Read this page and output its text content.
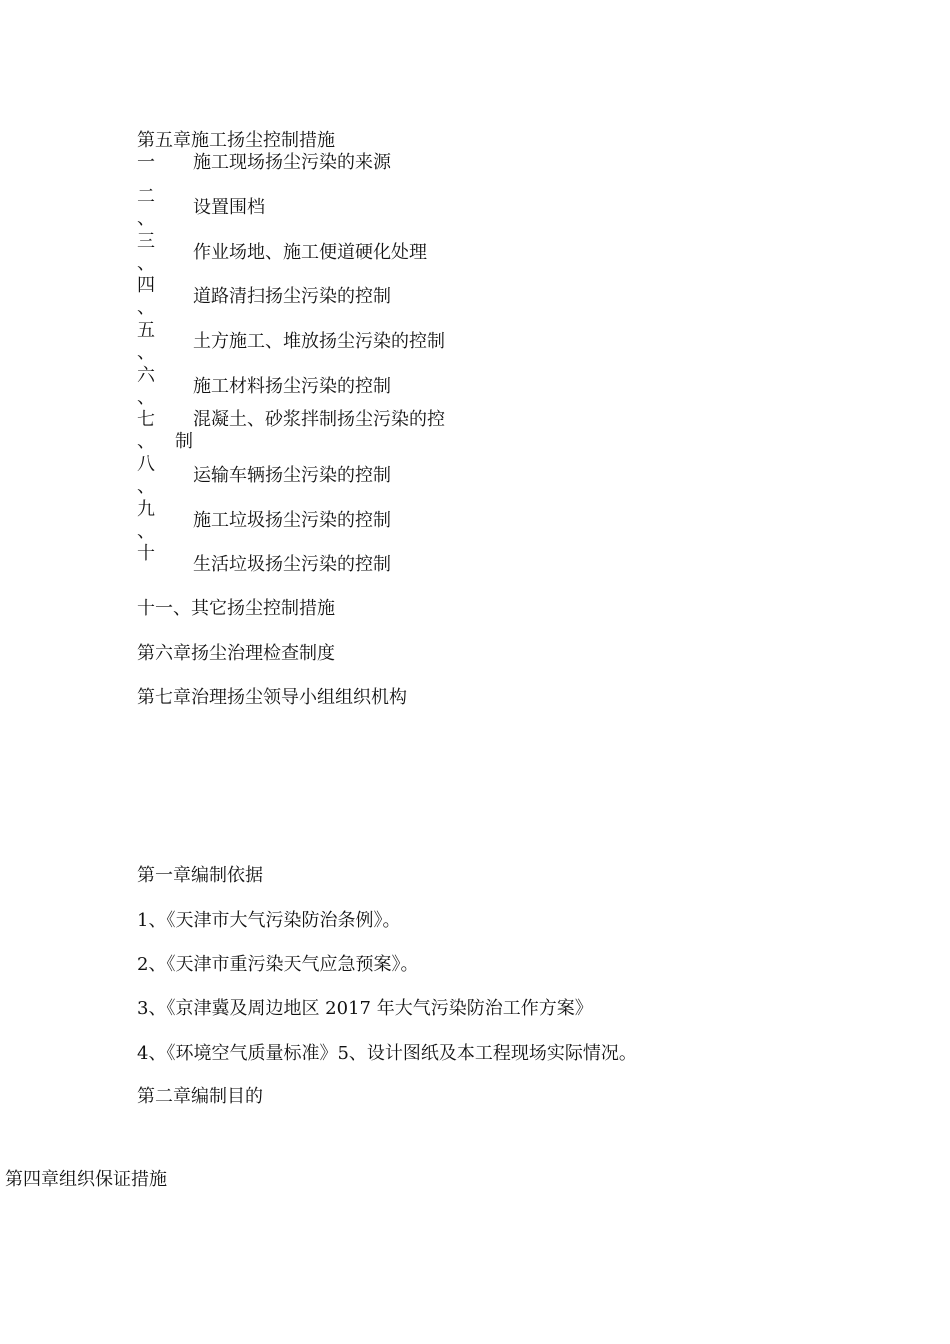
第五章施工扬尘控制措施
一 施工现场扬尘污染的来源
二
、
设置围档
三
、
作业场地、施工便道硬化处理
四
、
道路清扫扬尘污染的控制
五
、
土方施工、堆放扬尘污染的控制
六
、
施工材料扬尘污染的控制
七
、
混凝土、砂浆拌制扬尘污染的控
制
八
、
运输车辆扬尘污染的控制
九
、
施工垃圾扬尘污染的控制
十
生活垃圾扬尘污染的控制
十一、其它扬尘控制措施
第六章扬尘治理检查制度
第七章治理扬尘领导小组组织机构
第一章编制依据
1、《天津市大气污染防治条例》。
2、《天津市重污染天气应急预案》。
3、《京津冀及周边地区 2017 年大气污染防治工作方案》
4、《环境空气质量标准》5、设计图纸及本工程现场实际情况。
第二章编制目的
第四章组织保证措施
